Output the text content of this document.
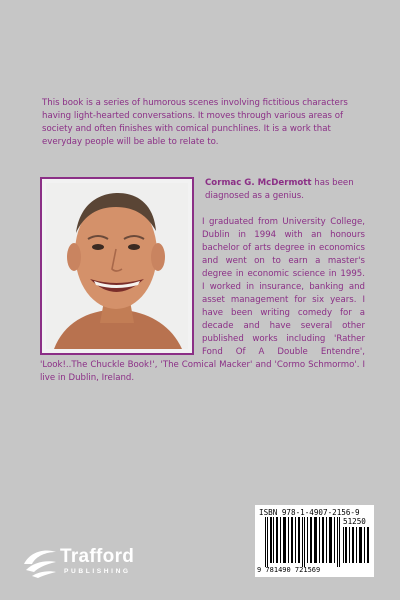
This book is a series of humorous scenes involving fictitious characters having light-hearted conversations. It moves through various areas of society and often finishes with comical punchlines. It is a work that everyday people will be able to relate to.

Cormac G. McDermott has been diagnosed as a genius.

I graduated from University College, Dublin in 1994 with an honours bachelor of arts degree in economics and went on to earn a master's degree in economic science in 1995. I worked in insurance, banking and asset management for six years. I have been writing comedy for a decade and have several other published works including 'Rather Fond Of A Double Entendre', 'Look!..The Chuckle Book!', 'The Comical Macker' and 'Cormo Schmormo'. I live in Dublin, Ireland.

ISBN 978-1-4907-2156-9
51250
9 781490 721569
Trafford
PUBLISHING
